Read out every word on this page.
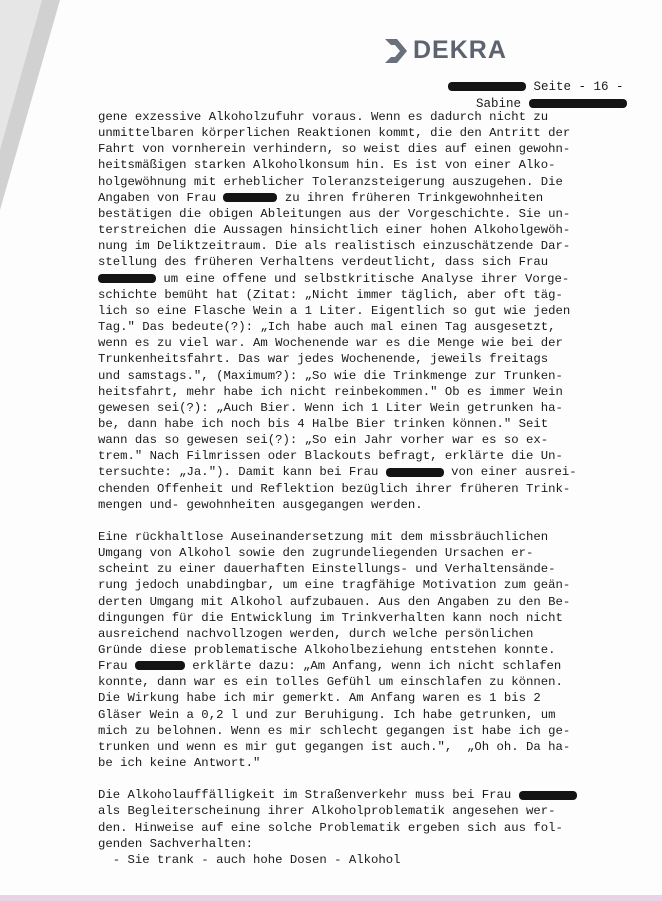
DEKRA

Seite - 16 -

Sabine

gene exzessive Alkoholzufuhr voraus. Wenn es dadurch nicht zu
unmittelbaren körperlichen Reaktionen kommt, die den Antritt der
Fahrt von vornherein verhindern, so weist dies auf einen gewohn-
heitsmäßigen starken Alkoholkonsum hin. Es ist von einer Alko-
holgewöhnung mit erheblicher Toleranzsteigerung auszugehen. Die
Angaben von Frau	zu ihren früheren Trinkgewohnheiten
bestätigen die obigen Ableitungen aus der Vorgeschichte. Sie un-
terstreichen die Aussagen hinsichtlich einer hohen Alkoholgewöh-
nung im Deliktzeitraum. Die als realistisch einzuschätzende Dar-
stellung des früheren Verhaltens verdeutlicht, dass sich Frau
um eine offene und selbstkritische Analyse ihrer Vorge-
schichte bemüht hat (Zitat: „Nicht immer täglich, aber oft täg-
lich so eine Flasche Wein a 1 Liter. Eigentlich so gut wie jeden
Tag." Das bedeute(?): „Ich habe auch mal einen Tag ausgesetzt,
wenn es zu viel war. Am Wochenende war es die Menge wie bei der
Trunkenheitsfahrt. Das war jedes Wochenende, jeweils freitags
und samstags.", (Maximum?): „So wie die Trinkmenge zur Trunken-
heitsfahrt, mehr habe ich nicht reinbekommen." Ob es immer Wein
gewesen sei(?): „Auch Bier. Wenn ich 1 Liter Wein getrunken ha-
be, dann habe ich noch bis 4 Halbe Bier trinken können." Seit
wann das so gewesen sei(?): „So ein Jahr vorher war es so ex-
trem." Nach Filmrissen oder Blackouts befragt, erklärte die Un-
tersuchte: „Ja."). Damit kann bei Frau	von einer ausrei-
chenden Offenheit und Reflektion bezüglich ihrer früheren Trink-
mengen und- gewohnheiten ausgegangen werden.
Eine rückhaltlose Auseinandersetzung mit dem missbräuchlichen
Umgang von Alkohol sowie den zugrundeliegenden Ursachen er-
scheint zu einer dauerhaften Einstellungs- und Verhaltensände-
rung jedoch unabdingbar, um eine tragfähige Motivation zum geän-
derten Umgang mit Alkohol aufzubauen. Aus den Angaben zu den Be-
dingungen für die Entwicklung im Trinkverhalten kann noch nicht
ausreichend nachvollzogen werden, durch welche persönlichen
Gründe diese problematische Alkoholbeziehung entstehen konnte.
Frau	erklärte dazu: „Am Anfang, wenn ich nicht schlafen
konnte, dann war es ein tolles Gefühl um einschlafen zu können.
Die Wirkung habe ich mir gemerkt. Am Anfang waren es 1 bis 2
Gläser Wein a 0,2 l und zur Beruhigung. Ich habe getrunken, um
mich zu belohnen. Wenn es mir schlecht gegangen ist habe ich ge-
trunken und wenn es mir gut gegangen ist auch.",  „Oh oh. Da ha-
be ich keine Antwort."
Die Alkoholauffälligkeit im Straßenverkehr muss bei Frau
als Begleiterscheinung ihrer Alkoholproblematik angesehen wer-
den. Hinweise auf eine solche Problematik ergeben sich aus fol-
genden Sachverhalten:
- Sie trank - auch hohe Dosen - Alkohol
